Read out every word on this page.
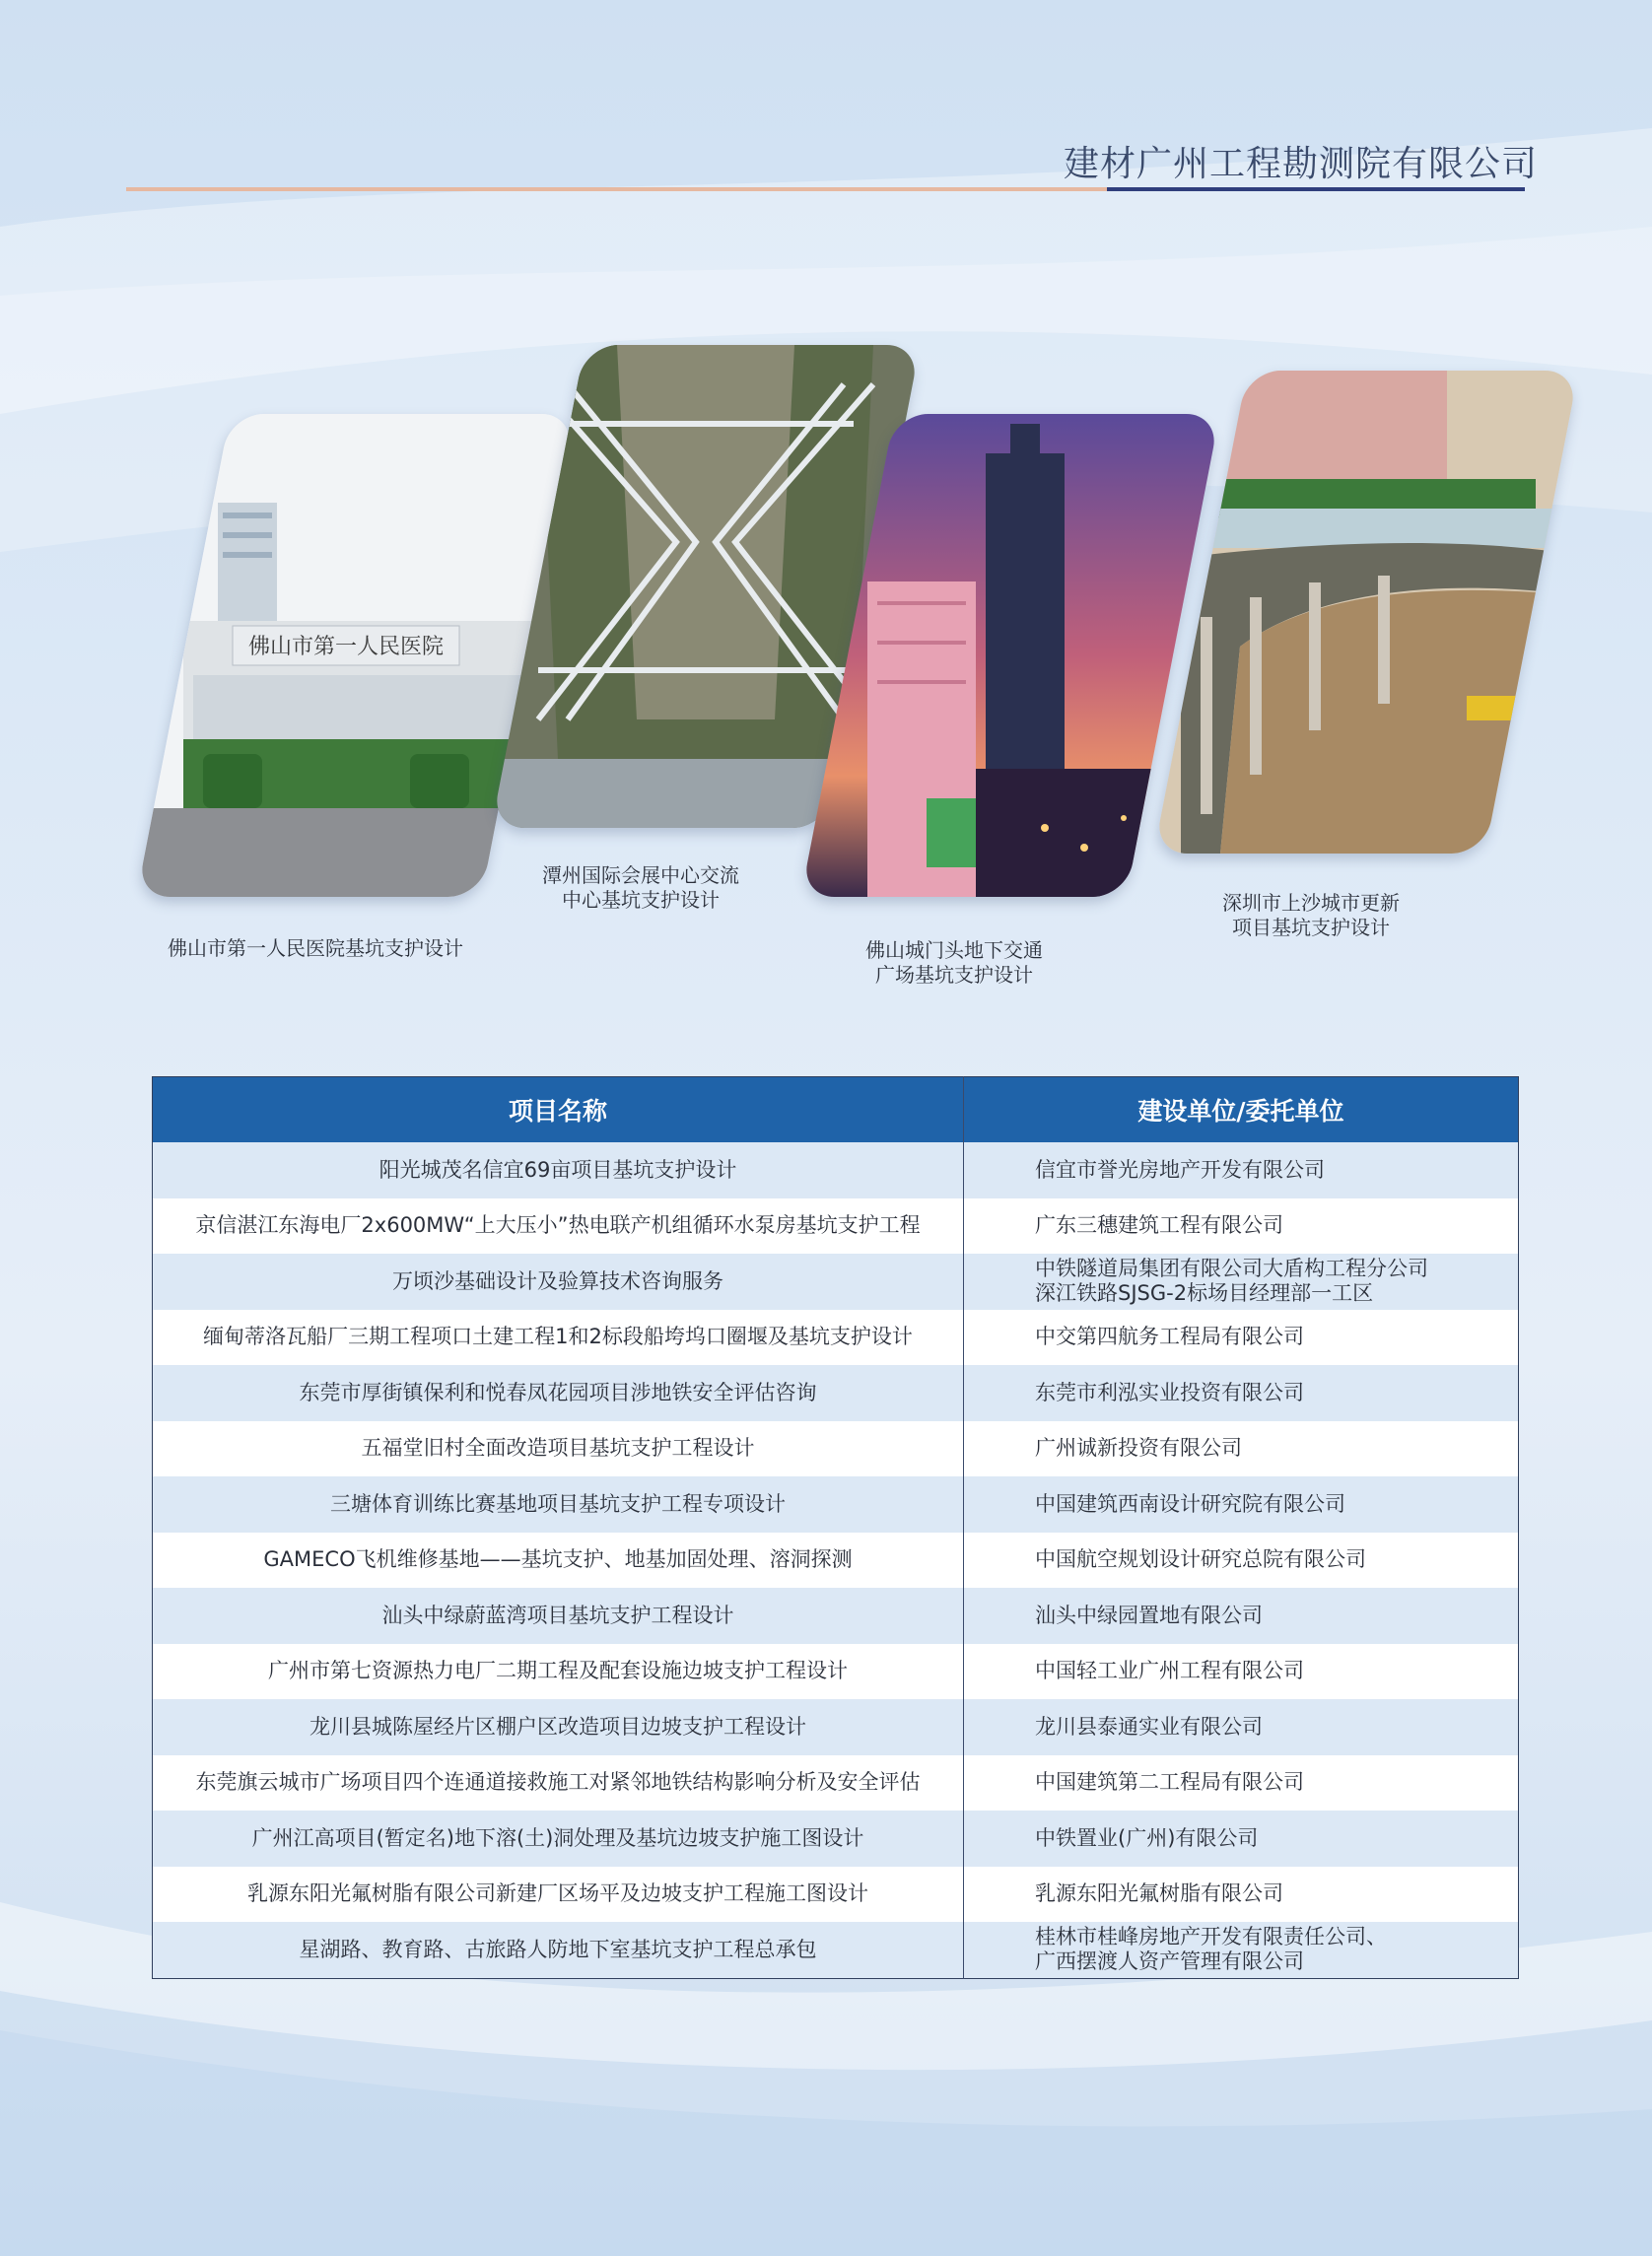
建材广州工程勘测院有限公司
佛山市第一人民医院
佛山市第一人民医院基坑支护设计
潭州国际会展中心交流
中心基坑支护设计
佛山城门头地下交通
广场基坑支护设计
深圳市上沙城市更新
项目基坑支护设计
项目名称	建设单位/委托单位
阳光城茂名信宜69亩项目基坑支护设计	信宜市誉光房地产开发有限公司
京信湛江东海电厂2x600MW“上大压小”热电联产机组循环水泵房基坑支护工程	广东三穗建筑工程有限公司
万顷沙基础设计及验算技术咨询服务	中铁隧道局集团有限公司大盾构工程分公司
深江铁路SJSG-2标场目经理部一工区
缅甸蒂洛瓦船厂三期工程项口土建工程1和2标段船垮坞口圈堰及基坑支护设计	中交第四航务工程局有限公司
东莞市厚街镇保利和悦春凤花园项目涉地铁安全评估咨询	东莞市利泓实业投资有限公司
五福堂旧村全面改造项目基坑支护工程设计	广州诚新投资有限公司
三塘体育训练比赛基地项目基坑支护工程专项设计	中国建筑西南设计研究院有限公司
GAMECO飞机维修基地——基坑支护、地基加固处理、溶洞探测	中国航空规划设计研究总院有限公司
汕头中绿蔚蓝湾项目基坑支护工程设计	汕头中绿园置地有限公司
广州市第七资源热力电厂二期工程及配套设施边坡支护工程设计	中国轻工业广州工程有限公司
龙川县城陈屋经片区棚户区改造项目边坡支护工程设计	龙川县泰通实业有限公司
东莞旗云城市广场项目四个连通道接救施工对紧邻地铁结构影响分析及安全评估	中国建筑第二工程局有限公司
广州江高项目(暂定名)地下溶(土)洞处理及基坑边坡支护施工图设计	中铁置业(广州)有限公司
乳源东阳光氟树脂有限公司新建厂区场平及边坡支护工程施工图设计	乳源东阳光氟树脂有限公司
星湖路、教育路、古旅路人防地下室基坑支护工程总承包	桂林市桂峰房地产开发有限责任公司、
广西摆渡人资产管理有限公司
